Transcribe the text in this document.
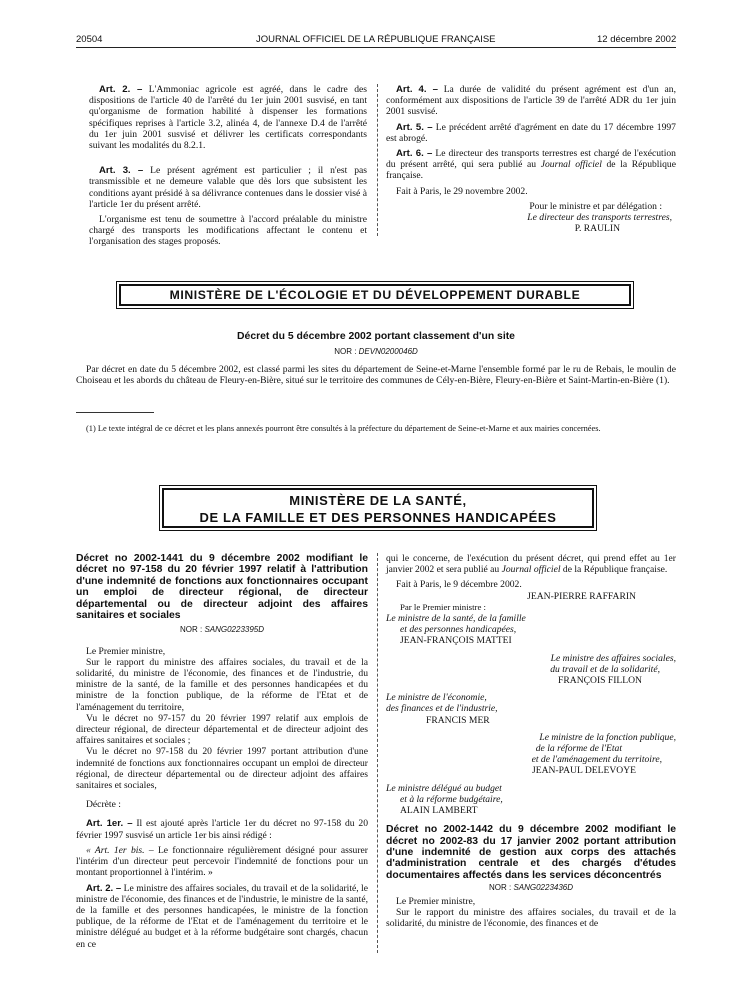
20504	JOURNAL OFFICIEL DE LA RÉPUBLIQUE FRANÇAISE	12 décembre 2002

Art. 2. – L'Ammoniac agricole est agréé, dans le cadre des dispositions de l'article 40 de l'arrêté du 1er juin 2001 susvisé, en tant qu'organisme de formation habilité à dispenser les formations spécifiques reprises à l'article 3.2, alinéa 4, de l'annexe D.4 de l'arrêté du 1er juin 2001 susvisé et délivrer les certificats correspondants suivant les modalités du 8.2.1.

Art. 3. – Le présent agrément est particulier ; il n'est pas transmissible et ne demeure valable que dès lors que subsistent les conditions ayant présidé à sa délivrance contenues dans le dossier visé à l'article 1er du présent arrêté.

L'organisme est tenu de soumettre à l'accord préalable du ministre chargé des transports les modifications affectant le contenu et l'organisation des stages proposés.

Art. 4. – La durée de validité du présent agrément est d'un an, conformément aux dispositions de l'article 39 de l'arrêté ADR du 1er juin 2001 susvisé.

Art. 5. – Le précédent arrêté d'agrément en date du 17 décembre 1997 est abrogé.

Art. 6. – Le directeur des transports terrestres est chargé de l'exécution du présent arrêté, qui sera publié au Journal officiel de la République française.

Fait à Paris, le 29 novembre 2002.

Pour le ministre et par délégation :
Le directeur des transports terrestres,
P. RAULIN
MINISTÈRE DE L'ÉCOLOGIE ET DU DÉVELOPPEMENT DURABLE
Décret du 5 décembre 2002 portant classement d'un site
NOR : DEVN0200046D

Par décret en date du 5 décembre 2002, est classé parmi les sites du département de Seine-et-Marne l'ensemble formé par le ru de Rebais, le moulin de Choiseau et les abords du château de Fleury-en-Bière, situé sur le territoire des communes de Cély-en-Bière, Fleury-en-Bière et Saint-Martin-en-Bière (1).

(1) Le texte intégral de ce décret et les plans annexés pourront être consultés à la préfecture du département de Seine-et-Marne et aux mairies concernées.

MINISTÈRE DE LA SANTÉ,
DE LA FAMILLE ET DES PERSONNES HANDICAPÉES
Décret no 2002-1441 du 9 décembre 2002 modifiant le décret no 97-158 du 20 février 1997 relatif à l'attribution d'une indemnité de fonctions aux fonctionnaires occupant un emploi de directeur régional, de directeur départemental ou de directeur adjoint des affaires sanitaires et sociales
NOR : SANG0223395D

Le Premier ministre,

Sur le rapport du ministre des affaires sociales, du travail et de la solidarité, du ministre de l'économie, des finances et de l'industrie, du ministre de la santé, de la famille et des personnes handicapées et du ministre de la fonction publique, de la réforme de l'Etat et de l'aménagement du territoire,

Vu le décret no 97-157 du 20 février 1997 relatif aux emplois de directeur régional, de directeur départemental et de directeur adjoint des affaires sanitaires et sociales ;

Vu le décret no 97-158 du 20 février 1997 portant attribution d'une indemnité de fonctions aux fonctionnaires occupant un emploi de directeur régional, de directeur départemental ou de directeur adjoint des affaires sanitaires et sociales,

Décrète :

Art. 1er. – Il est ajouté après l'article 1er du décret no 97-158 du 20 février 1997 susvisé un article 1er bis ainsi rédigé :

« Art. 1er bis. – Le fonctionnaire régulièrement désigné pour assurer l'intérim d'un directeur peut percevoir l'indemnité de fonctions pour un montant proportionnel à l'intérim. »

Art. 2. – Le ministre des affaires sociales, du travail et de la solidarité, le ministre de l'économie, des finances et de l'industrie, le ministre de la santé, de la famille et des personnes handicapées, le ministre de la fonction publique, de la réforme de l'Etat et de l'aménagement du territoire et le ministre délégué au budget et à la réforme budgétaire sont chargés, chacun en ce

qui le concerne, de l'exécution du présent décret, qui prend effet au 1er janvier 2002 et sera publié au Journal officiel de la République française.

Fait à Paris, le 9 décembre 2002.

JEAN-PIERRE RAFFARIN
Par le Premier ministre :
Le ministre de la santé, de la famille
et des personnes handicapées,
JEAN-FRANÇOIS MATTEI
Le ministre des affaires sociales,
du travail et de la solidarité,
FRANÇOIS FILLON
Le ministre de l'économie,
des finances et de l'industrie,
FRANCIS MER
Le ministre de la fonction publique,
de la réforme de l'Etat
et de l'aménagement du territoire,
JEAN-PAUL DELEVOYE
Le ministre délégué au budget
et à la réforme budgétaire,
ALAIN LAMBERT
Décret no 2002-1442 du 9 décembre 2002 modifiant le décret no 2002-83 du 17 janvier 2002 portant attribution d'une indemnité de gestion aux corps des attachés d'administration centrale et des chargés d'études documentaires affectés dans les services déconcentrés
NOR : SANG0223436D

Le Premier ministre,

Sur le rapport du ministre des affaires sociales, du travail et de la solidarité, du ministre de l'économie, des finances et de
